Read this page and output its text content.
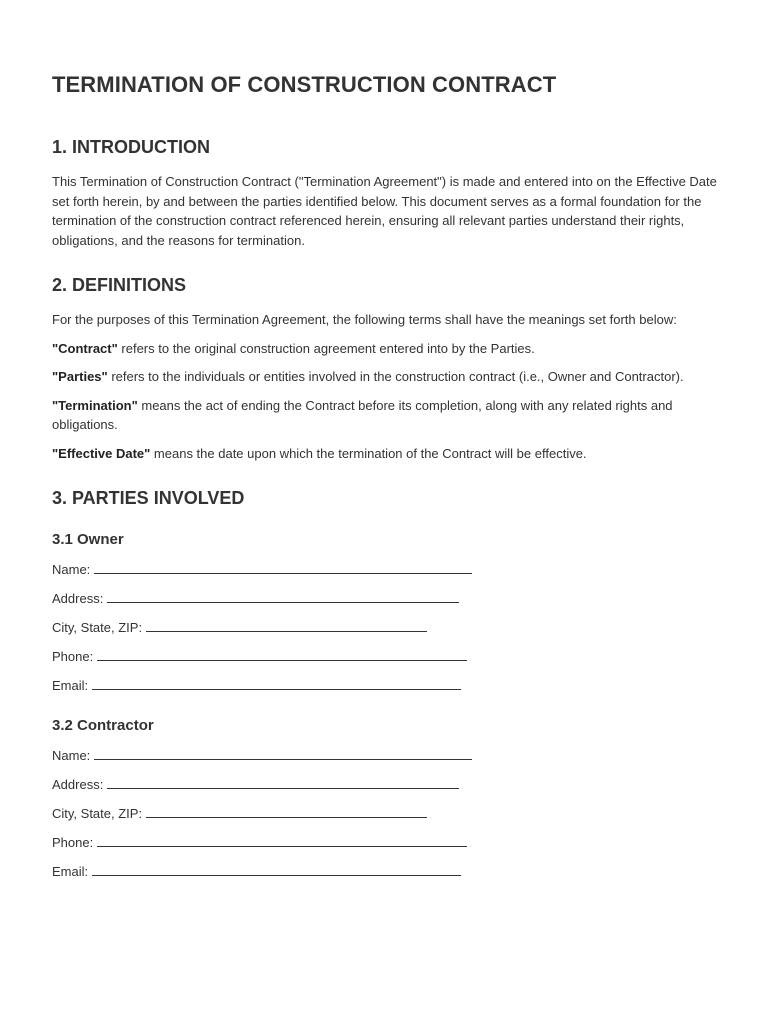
TERMINATION OF CONSTRUCTION CONTRACT
1. INTRODUCTION

This Termination of Construction Contract ("Termination Agreement") is made and entered into on the Effective Date set forth herein, by and between the parties identified below. This document serves as a formal foundation for the termination of the construction contract referenced herein, ensuring all relevant parties understand their rights, obligations, and the reasons for termination.

2. DEFINITIONS

For the purposes of this Termination Agreement, the following terms shall have the meanings set forth below:

"Contract" refers to the original construction agreement entered into by the Parties.

"Parties" refers to the individuals or entities involved in the construction contract (i.e., Owner and Contractor).

"Termination" means the act of ending the Contract before its completion, along with any related rights and obligations.

"Effective Date" means the date upon which the termination of the Contract will be effective.

3. PARTIES INVOLVED
3.1 Owner
Name:
Address:
City, State, ZIP:
Phone:
Email:
3.2 Contractor
Name:
Address:
City, State, ZIP:
Phone:
Email:
